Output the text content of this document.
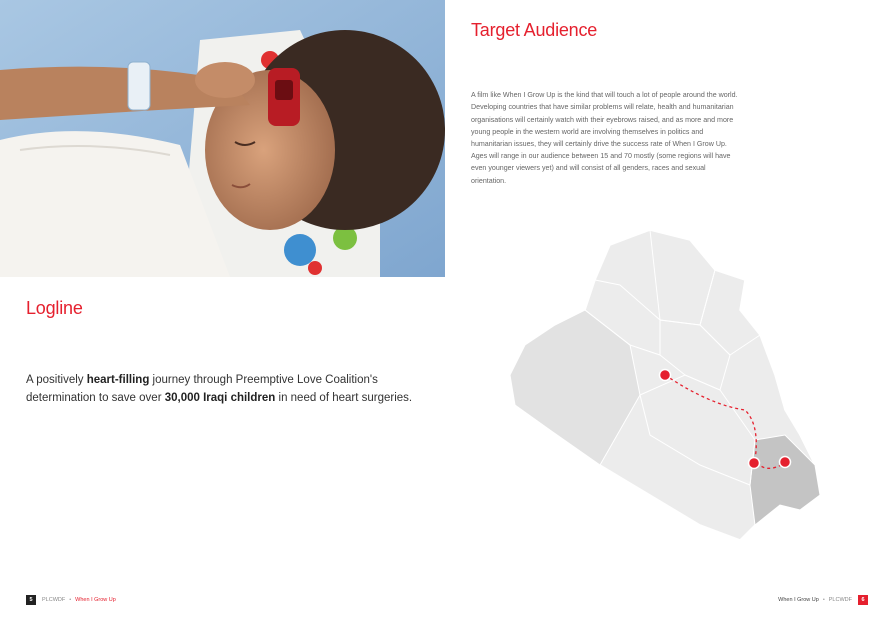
Target Audience

A film like When I Grow Up is the kind that will touch a lot of people around the world. Developing countries that have similar problems will relate, health and humanitarian organisations will certainly watch with their eyebrows raised, and as more and more young people in the western world are involving themselves in politics and humanitarian issues, they will certainly drive the success rate of When I Grow Up. Ages will range in our audience between 15 and 70 mostly (some regions will have even younger viewers yet) and will consist of all genders, races and sexual orientation.

Logline

A positively heart-filling journey through Preemptive Love Coalition's determination to save over 30,000 Iraqi children in need of heart surgeries.

5	PLCWDF • When I Grow Up	When I Grow Up • PLCWDF	6
